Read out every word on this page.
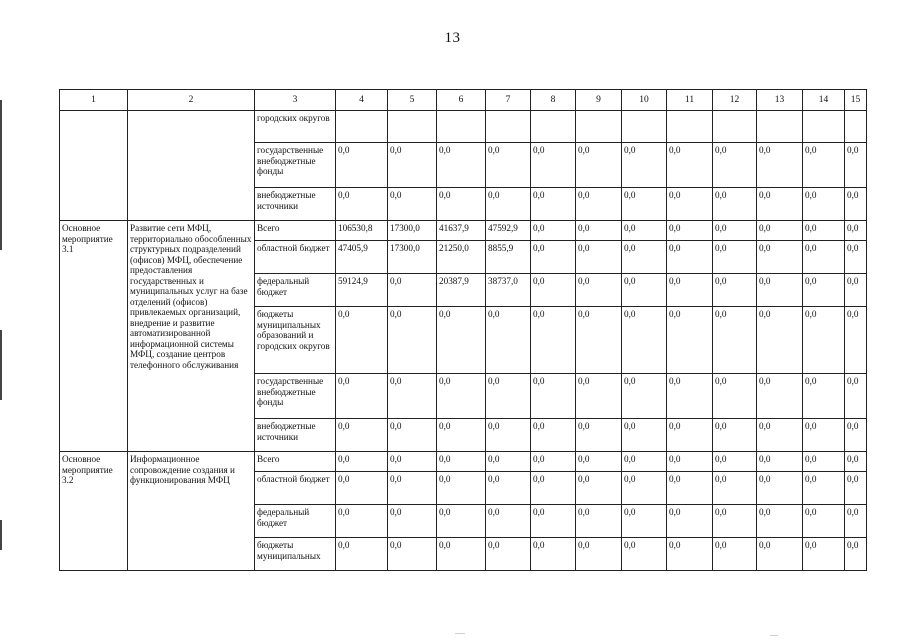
13
1	2	3	4	5	6	7	8	9	10	11	12	13	14	15
		городских округов												
		государственные внебюджетные фонды	0,0	0,0	0,0	0,0	0,0	0,0	0,0	0,0	0,0	0,0	0,0	0,0
		внебюджетные источники	0,0	0,0	0,0	0,0	0,0	0,0	0,0	0,0	0,0	0,0	0,0	0,0
Основное мероприятие 3.1	Развитие сети МФЦ, территориально обособленных структурных подразделений (офисов) МФЦ, обеспечение предоставления государственных и муниципальных услуг на базе отделений (офисов) привлекаемых организаций, внедрение и развитие автоматизированной информационной системы МФЦ, создание центров телефонного обслуживания	Всего	106530,8	17300,0	41637,9	47592,9	0,0	0,0	0,0	0,0	0,0	0,0	0,0	0,0
		областной бюджет	47405,9	17300,0	21250,0	8855,9	0,0	0,0	0,0	0,0	0,0	0,0	0,0	0,0
		федеральный бюджет	59124,9	0,0	20387,9	38737,0	0,0	0,0	0,0	0,0	0,0	0,0	0,0	0,0
		бюджеты муниципальных образований и городских округов	0,0	0,0	0,0	0,0	0,0	0,0	0,0	0,0	0,0	0,0	0,0	0,0
		государственные внебюджетные фонды	0,0	0,0	0,0	0,0	0,0	0,0	0,0	0,0	0,0	0,0	0,0	0,0
		внебюджетные источники	0,0	0,0	0,0	0,0	0,0	0,0	0,0	0,0	0,0	0,0	0,0	0,0
Основное мероприятие 3.2	Информационное сопровождение создания и функционирования МФЦ	Всего	0,0	0,0	0,0	0,0	0,0	0,0	0,0	0,0	0,0	0,0	0,0	0,0
		областной бюджет	0,0	0,0	0,0	0,0	0,0	0,0	0,0	0,0	0,0	0,0	0,0	0,0
		федеральный бюджет	0,0	0,0	0,0	0,0	0,0	0,0	0,0	0,0	0,0	0,0	0,0	0,0
		бюджеты муниципальных	0,0	0,0	0,0	0,0	0,0	0,0	0,0	0,0	0,0	0,0	0,0	0,0
